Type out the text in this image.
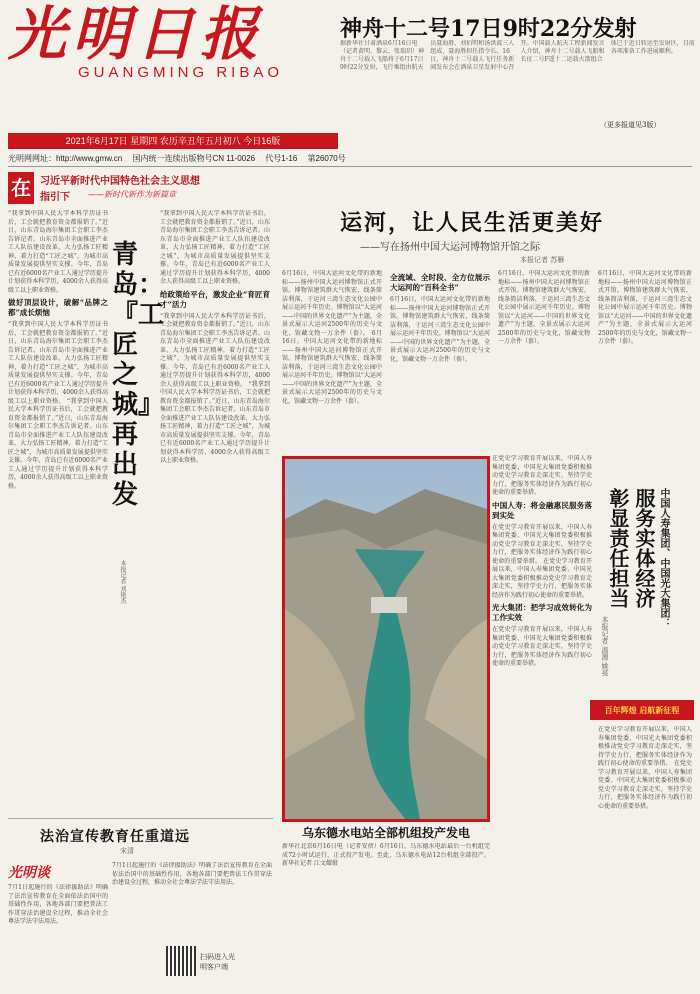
光明日报
GUANGMING RIBAO
神舟十二号17日9时22分发射
据新华社甘肃酒泉6月16日电（记者黄明、黎云、张瑞玥）神舟十二号载人飞船将于6月17日9时22分发射，飞行乘组由航天员聂海胜、刘伯明和汤洪波三人组成，聂海胜担任指令长。16日，神舟十二号载人飞行任务新闻发布会在酒泉卫星发射中心召开。中国载人航天工程新闻发言人介绍，神舟十二号载人飞船和长征二号F遥十二运载火箭组合体已于近日转运至发射区，目前各项准备工作进展顺利。
（更多报道见3版）
2021年6月17日 星期四 农历辛丑年五月初八 今日16版
光明网网址：http://www.gmw.cn 国内统一连续出版物号CN 11-0026 代号1-16 第26070号
在 习近平新时代中国特色社会主义思想
指引下 ——新时代新作为新篇章
“我拿到中国人民大学本科学历证书后，工会就把教育资金都报销了。”近日，山东青岛海尔集团工会职工李杰告诉记者。山东青岛市全面推进产业工人队伍建设改革，大力弘扬工匠精神，着力打造“工匠之城”，为城市高质量发展提供坚实支撑。今年，青岛已有近6000名产业工人通过学历提升计划获得本科学历，4000余人获得高级工以上职业资格。
做好顶层设计，破解“品牌之都”成长烦恼
“我拿到中国人民大学本科学历证书后，工会就把教育资金都报销了。”近日，山东青岛海尔集团工会职工李杰告诉记者。山东青岛市全面推进产业工人队伍建设改革，大力弘扬工匠精神，着力打造“工匠之城”，为城市高质量发展提供坚实支撑。今年，青岛已有近6000名产业工人通过学历提升计划获得本科学历，4000余人获得高级工以上职业资格。 “我拿到中国人民大学本科学历证书后，工会就把教育资金都报销了。”近日，山东青岛海尔集团工会职工李杰告诉记者。山东青岛市全面推进产业工人队伍建设改革，大力弘扬工匠精神，着力打造“工匠之城”，为城市高质量发展提供坚实支撑。今年，青岛已有近6000名产业工人通过学历提升计划获得本科学历，4000余人获得高级工以上职业资格。
青岛：『工匠之城』再出发
本报记者 刘艳杰
“我拿到中国人民大学本科学历证书后，工会就把教育资金都报销了。”近日，山东青岛海尔集团工会职工李杰告诉记者。山东青岛市全面推进产业工人队伍建设改革，大力弘扬工匠精神，着力打造“工匠之城”，为城市高质量发展提供坚实支撑。今年，青岛已有近6000名产业工人通过学历提升计划获得本科学历，4000余人获得高级工以上职业资格。
给政策给平台，激发企业“育匠育才”活力
“我拿到中国人民大学本科学历证书后，工会就把教育资金都报销了。”近日，山东青岛海尔集团工会职工李杰告诉记者。山东青岛市全面推进产业工人队伍建设改革，大力弘扬工匠精神，着力打造“工匠之城”，为城市高质量发展提供坚实支撑。今年，青岛已有近6000名产业工人通过学历提升计划获得本科学历，4000余人获得高级工以上职业资格。 “我拿到中国人民大学本科学历证书后，工会就把教育资金都报销了。”近日，山东青岛海尔集团工会职工李杰告诉记者。山东青岛市全面推进产业工人队伍建设改革，大力弘扬工匠精神，着力打造“工匠之城”，为城市高质量发展提供坚实支撑。今年，青岛已有近6000名产业工人通过学历提升计划获得本科学历，4000余人获得高级工以上职业资格。
运河，让人民生活更美好
——写在扬州中国大运河博物馆开馆之际
本报记者 苏雁
6月16日，中国大运河文化带的新地标——扬州中国大运河博物馆正式开馆。博物馆建筑群大气恢宏，线条简洁利落，于运河三湾生态文化公园中展示运河千年历史。博物馆以“大运河——中国的世界文化遗产”为主题，全景式展示大运河2500年的历史与文化，馆藏文物一万余件（套）。 6月16日，中国大运河文化带的新地标——扬州中国大运河博物馆正式开馆。博物馆建筑群大气恢宏，线条简洁利落，于运河三湾生态文化公园中展示运河千年历史。博物馆以“大运河——中国的世界文化遗产”为主题，全景式展示大运河2500年的历史与文化，馆藏文物一万余件（套）。
全流域、全时段、全方位展示大运河的“百科全书”
6月16日，中国大运河文化带的新地标——扬州中国大运河博物馆正式开馆。博物馆建筑群大气恢宏，线条简洁利落，于运河三湾生态文化公园中展示运河千年历史。博物馆以“大运河——中国的世界文化遗产”为主题，全景式展示大运河2500年的历史与文化，馆藏文物一万余件（套）。
6月16日，中国大运河文化带的新地标——扬州中国大运河博物馆正式开馆。博物馆建筑群大气恢宏，线条简洁利落，于运河三湾生态文化公园中展示运河千年历史。博物馆以“大运河——中国的世界文化遗产”为主题，全景式展示大运河2500年的历史与文化，馆藏文物一万余件（套）。
6月16日，中国大运河文化带的新地标——扬州中国大运河博物馆正式开馆。博物馆建筑群大气恢宏，线条简洁利落，于运河三湾生态文化公园中展示运河千年历史。博物馆以“大运河——中国的世界文化遗产”为主题，全景式展示大运河2500年的历史与文化，馆藏文物一万余件（套）。
乌东德水电站全部机组投产发电
新华社北京6月16日电（记者安蓓）6月16日，乌东德水电站最后一台机组完成72小时试运行，正式投产发电。至此，乌东德水电站12台机组全部投产。 新华社记者 江文耀摄
在党史学习教育开展以来，中国人寿集团党委、中国光大集团党委积极推动党史学习教育走深走实，坚持学史力行，把服务实体经济作为践行初心使命的重要举措。
中国人寿：将金融惠民服务落到实处
在党史学习教育开展以来，中国人寿集团党委、中国光大集团党委积极推动党史学习教育走深走实，坚持学史力行，把服务实体经济作为践行初心使命的重要举措。 在党史学习教育开展以来，中国人寿集团党委、中国光大集团党委积极推动党史学习教育走深走实，坚持学史力行，把服务实体经济作为践行初心使命的重要举措。
光大集团：把学习成效转化为工作实效
在党史学习教育开展以来，中国人寿集团党委、中国光大集团党委积极推动党史学习教育走深走实，坚持学史力行，把服务实体经济作为践行初心使命的重要举措。
中国人寿集团、中国光大集团：
服务实体经济
彰显责任担当
本报记者 温源 姚亮
百年辉煌 启航新征程
在党史学习教育开展以来，中国人寿集团党委、中国光大集团党委积极推动党史学习教育走深走实，坚持学史力行，把服务实体经济作为践行初心使命的重要举措。 在党史学习教育开展以来，中国人寿集团党委、中国光大集团党委积极推动党史学习教育走深走实，坚持学史力行，把服务实体经济作为践行初心使命的重要举措。
法治宣传教育任重道远
宋清
光明谈
7月1日起施行的《法律援助法》明确了法治宣传教育在全面依法治国中的基础性作用，各地各部门要把普法工作贯穿法治建设全过程，推动全社会尊法学法守法用法。
7月1日起施行的《法律援助法》明确了法治宣传教育在全面依法治国中的基础性作用，各地各部门要把普法工作贯穿法治建设全过程，推动全社会尊法学法守法用法。
扫码进入光明客户端
